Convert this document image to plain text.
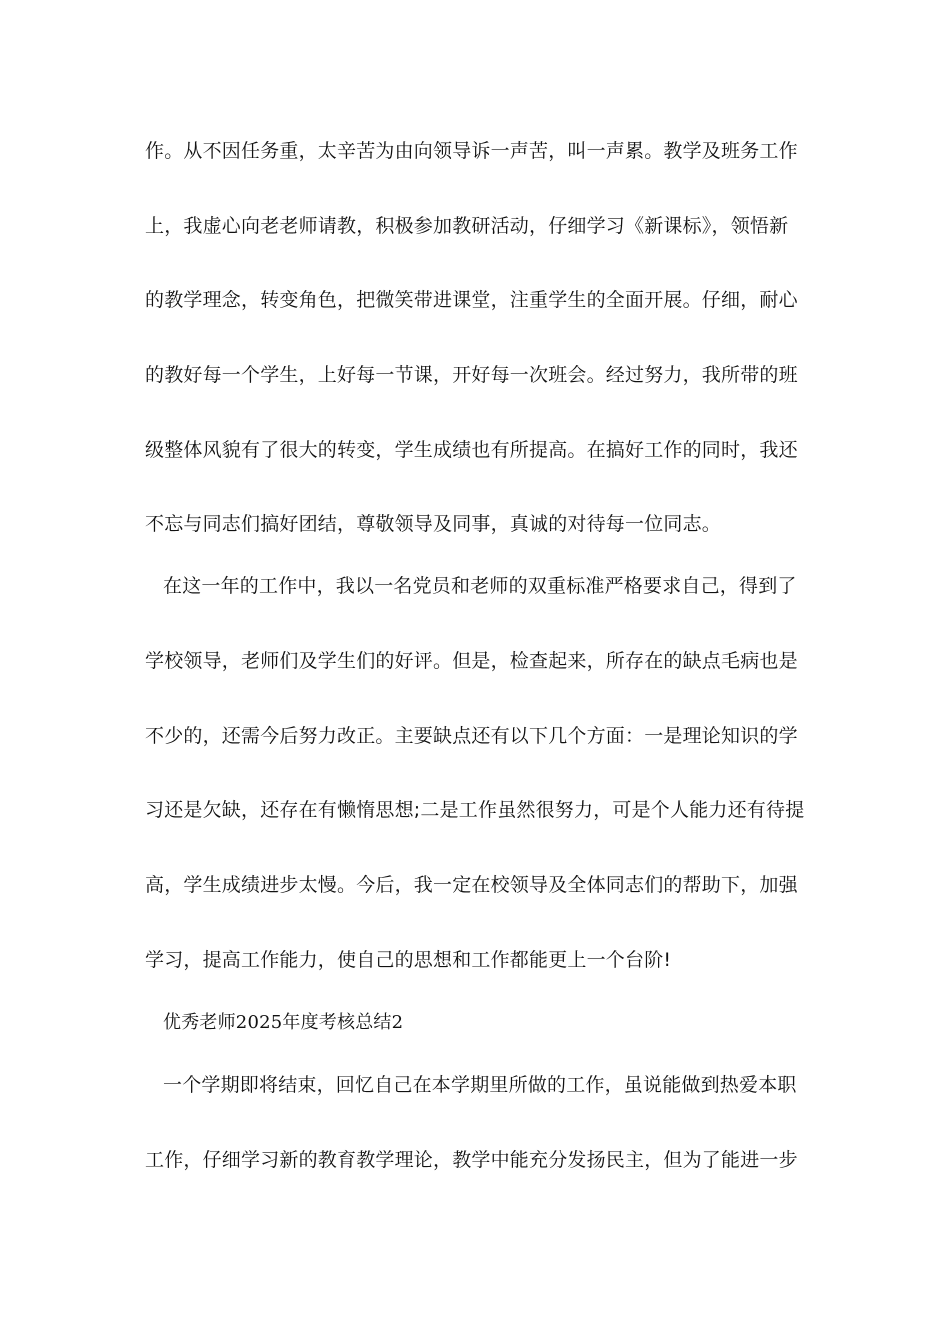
作。从不因任务重，太辛苦为由向领导诉一声苦，叫一声累。教学及班务工作
上，我虚心向老老师请教，积极参加教研活动，仔细学习《新课标》，领悟新
的教学理念，转变角色，把微笑带进课堂，注重学生的全面开展。仔细，耐心
的教好每一个学生，上好每一节课，开好每一次班会。经过努力，我所带的班
级整体风貌有了很大的转变，学生成绩也有所提高。在搞好工作的同时，我还
不忘与同志们搞好团结，尊敬领导及同事，真诚的对待每一位同志。
在这一年的工作中，我以一名党员和老师的双重标准严格要求自己，得到了
学校领导，老师们及学生们的好评。但是，检查起来，所存在的缺点毛病也是
不少的，还需今后努力改正。主要缺点还有以下几个方面：一是理论知识的学
习还是欠缺，还存在有懒惰思想;二是工作虽然很努力，可是个人能力还有待提
高，学生成绩进步太慢。今后，我一定在校领导及全体同志们的帮助下，加强
学习，提高工作能力，使自己的思想和工作都能更上一个台阶!
优秀老师2025年度考核总结2
一个学期即将结束，回忆自己在本学期里所做的工作，虽说能做到热爱本职
工作，仔细学习新的教育教学理论，教学中能充分发扬民主，但为了能进一步
